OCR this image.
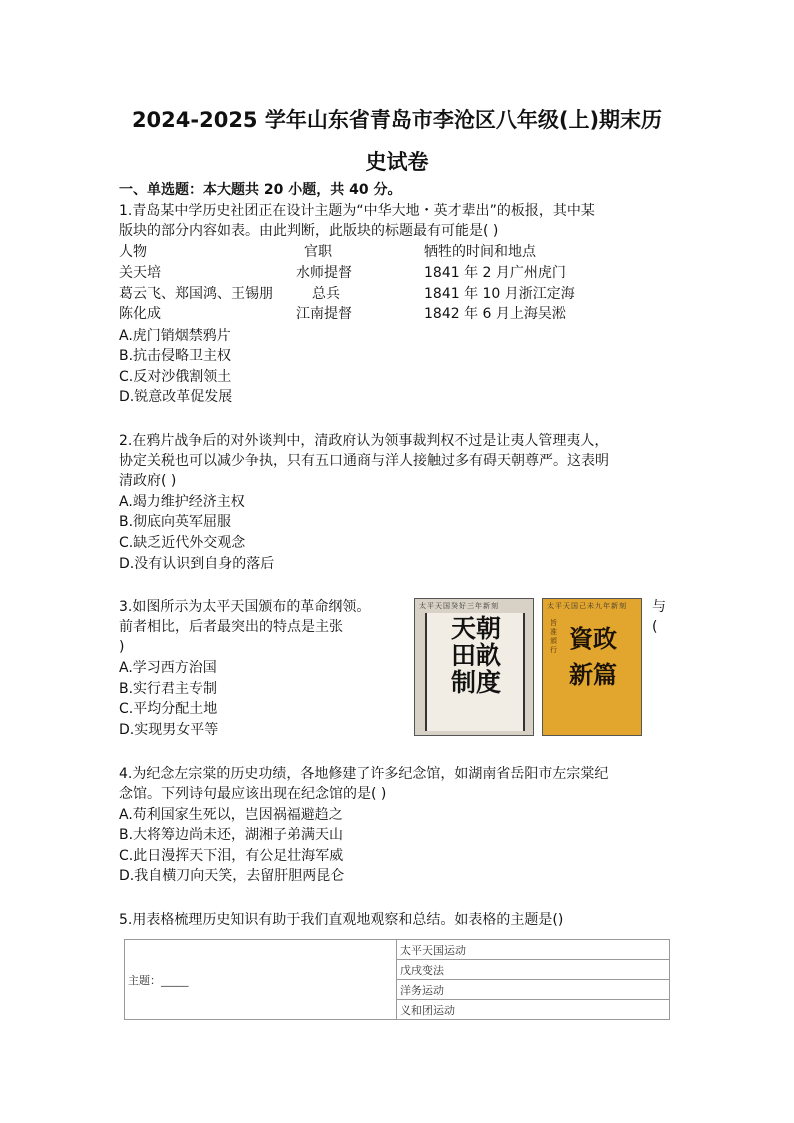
2024-2025 学年山东省青岛市李沧区八年级(上)期末历
史试卷
一、单选题：本大题共 20 小题，共 40 分。
1.青岛某中学历史社团正在设计主题为“中华大地・英才辈出”的板报，其中某
版块的部分内容如表。由此判断，此版块的标题最有可能是( )
人物	官职	牺牲的时间和地点
关天培	水师提督	1841 年 2 月广州虎门
葛云飞、郑国鸿、王锡朋	总兵	1841 年 10 月浙江定海
陈化成	江南提督	1842 年 6 月上海吴淞
A.虎门销烟禁鸦片
B.抗击侵略卫主权
C.反对沙俄割领土
D.锐意改革促发展
2.在鸦片战争后的对外谈判中，清政府认为领事裁判权不过是让夷人管理夷人，
协定关税也可以减少争执，只有五口通商与洋人接触过多有碍天朝尊严。这表明
清政府( )
A.竭力维护经济主权
B.彻底向英军屈服
C.缺乏近代外交观念
D.没有认识到自身的落后
3.如图所示为太平天国颁布的革命纲领。	与
前者相比，后者最突出的特点是主张	(
)
A.学习西方治国
B.实行君主专制
C.平均分配土地
D.实现男女平等
太平天国癸好三年新刻
天朝田畝制度
太平天国己未九年新刻
旨准頒行 資政新篇
4.为纪念左宗棠的历史功绩，各地修建了许多纪念馆，如湖南省岳阳市左宗棠纪
念馆。下列诗句最应该出现在纪念馆的是( )
A.苟利国家生死以，岂因祸福避趋之
B.大将筹边尚未还，湖湘子弟满天山
C.此日漫挥天下泪，有公足壮海军威
D.我自横刀向天笑，去留肝胆两昆仑
5.用表格梳理历史知识有助于我们直观地观察和总结。如表格的主题是()
主题：_____	太平天国运动
戊戌变法
洋务运动
义和团运动
